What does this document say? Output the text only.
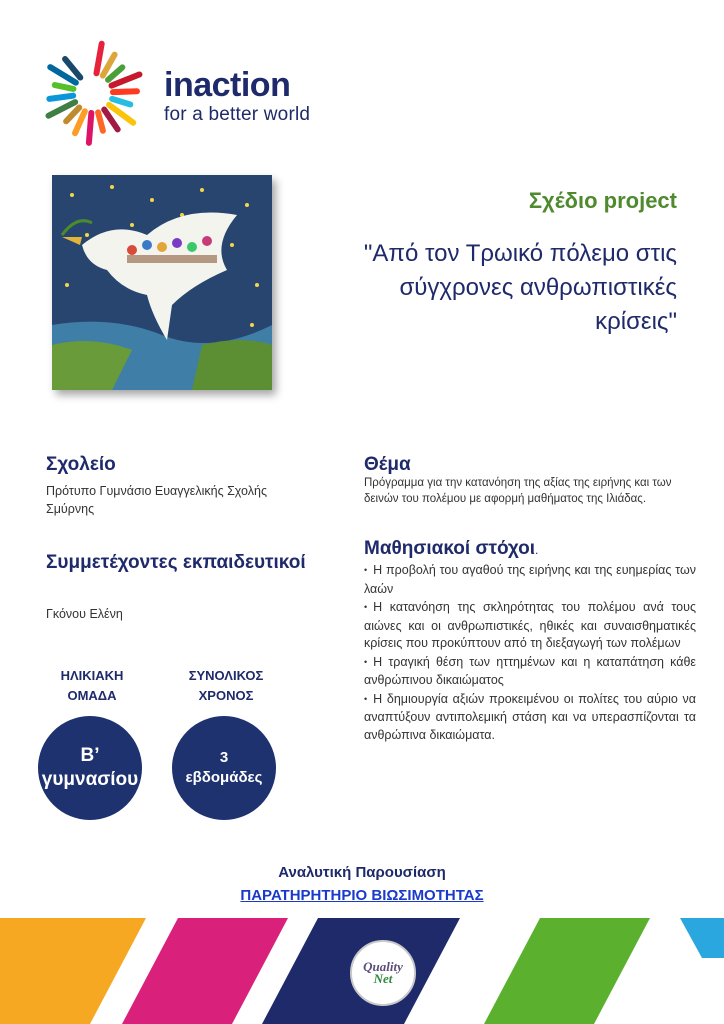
inaction
for a better world
Σχέδιο project
"Από τον Τρωικό πόλεμο στις σύγχρονες ανθρωπιστικές κρίσεις"
Σχολείο
Πρότυπο Γυμνάσιο Ευαγγελικής Σχολής Σμύρνης
Συμμετέχοντες εκπαιδευτικοί
Γκόνου Ελένη
ΗΛΙΚΙΑΚΗ
ΟΜΑΔΑ
ΣΥΝΟΛΙΚΟΣ
ΧΡΟΝΟΣ
Β’
γυμνασίου
3
εβδομάδες
Θέμα
Πρόγραμμα για την κατανόηση της αξίας της ειρήνης και των δεινών του πολέμου με αφορμή μαθήματος της Ιλιάδας.
Μαθησιακοί στόχοι.
• Η προβολή του αγαθού της ειρήνης και της ευημερίας των λαών
• Η κατανόηση της σκληρότητας του πολέμου ανά τους αιώνες και οι ανθρωπιστικές, ηθικές και συναισθηματικές κρίσεις που προκύπτουν από τη διεξαγωγή των πολέμων
• Η τραγική θέση των ηττημένων και η καταπάτηση κάθε ανθρώπινου δικαιώματος
• Η δημιουργία αξιών προκειμένου οι πολίτες του αύριο να αναπτύξουν αντιπολεμική στάση και να υπερασπίζονται τα ανθρώπινα δικαιώματα.
Αναλυτική Παρουσίαση
ΠΑΡΑΤΗΡΗΤΗΡΙΟ ΒΙΩΣΙΜΟΤΗΤΑΣ
Quality
Net
